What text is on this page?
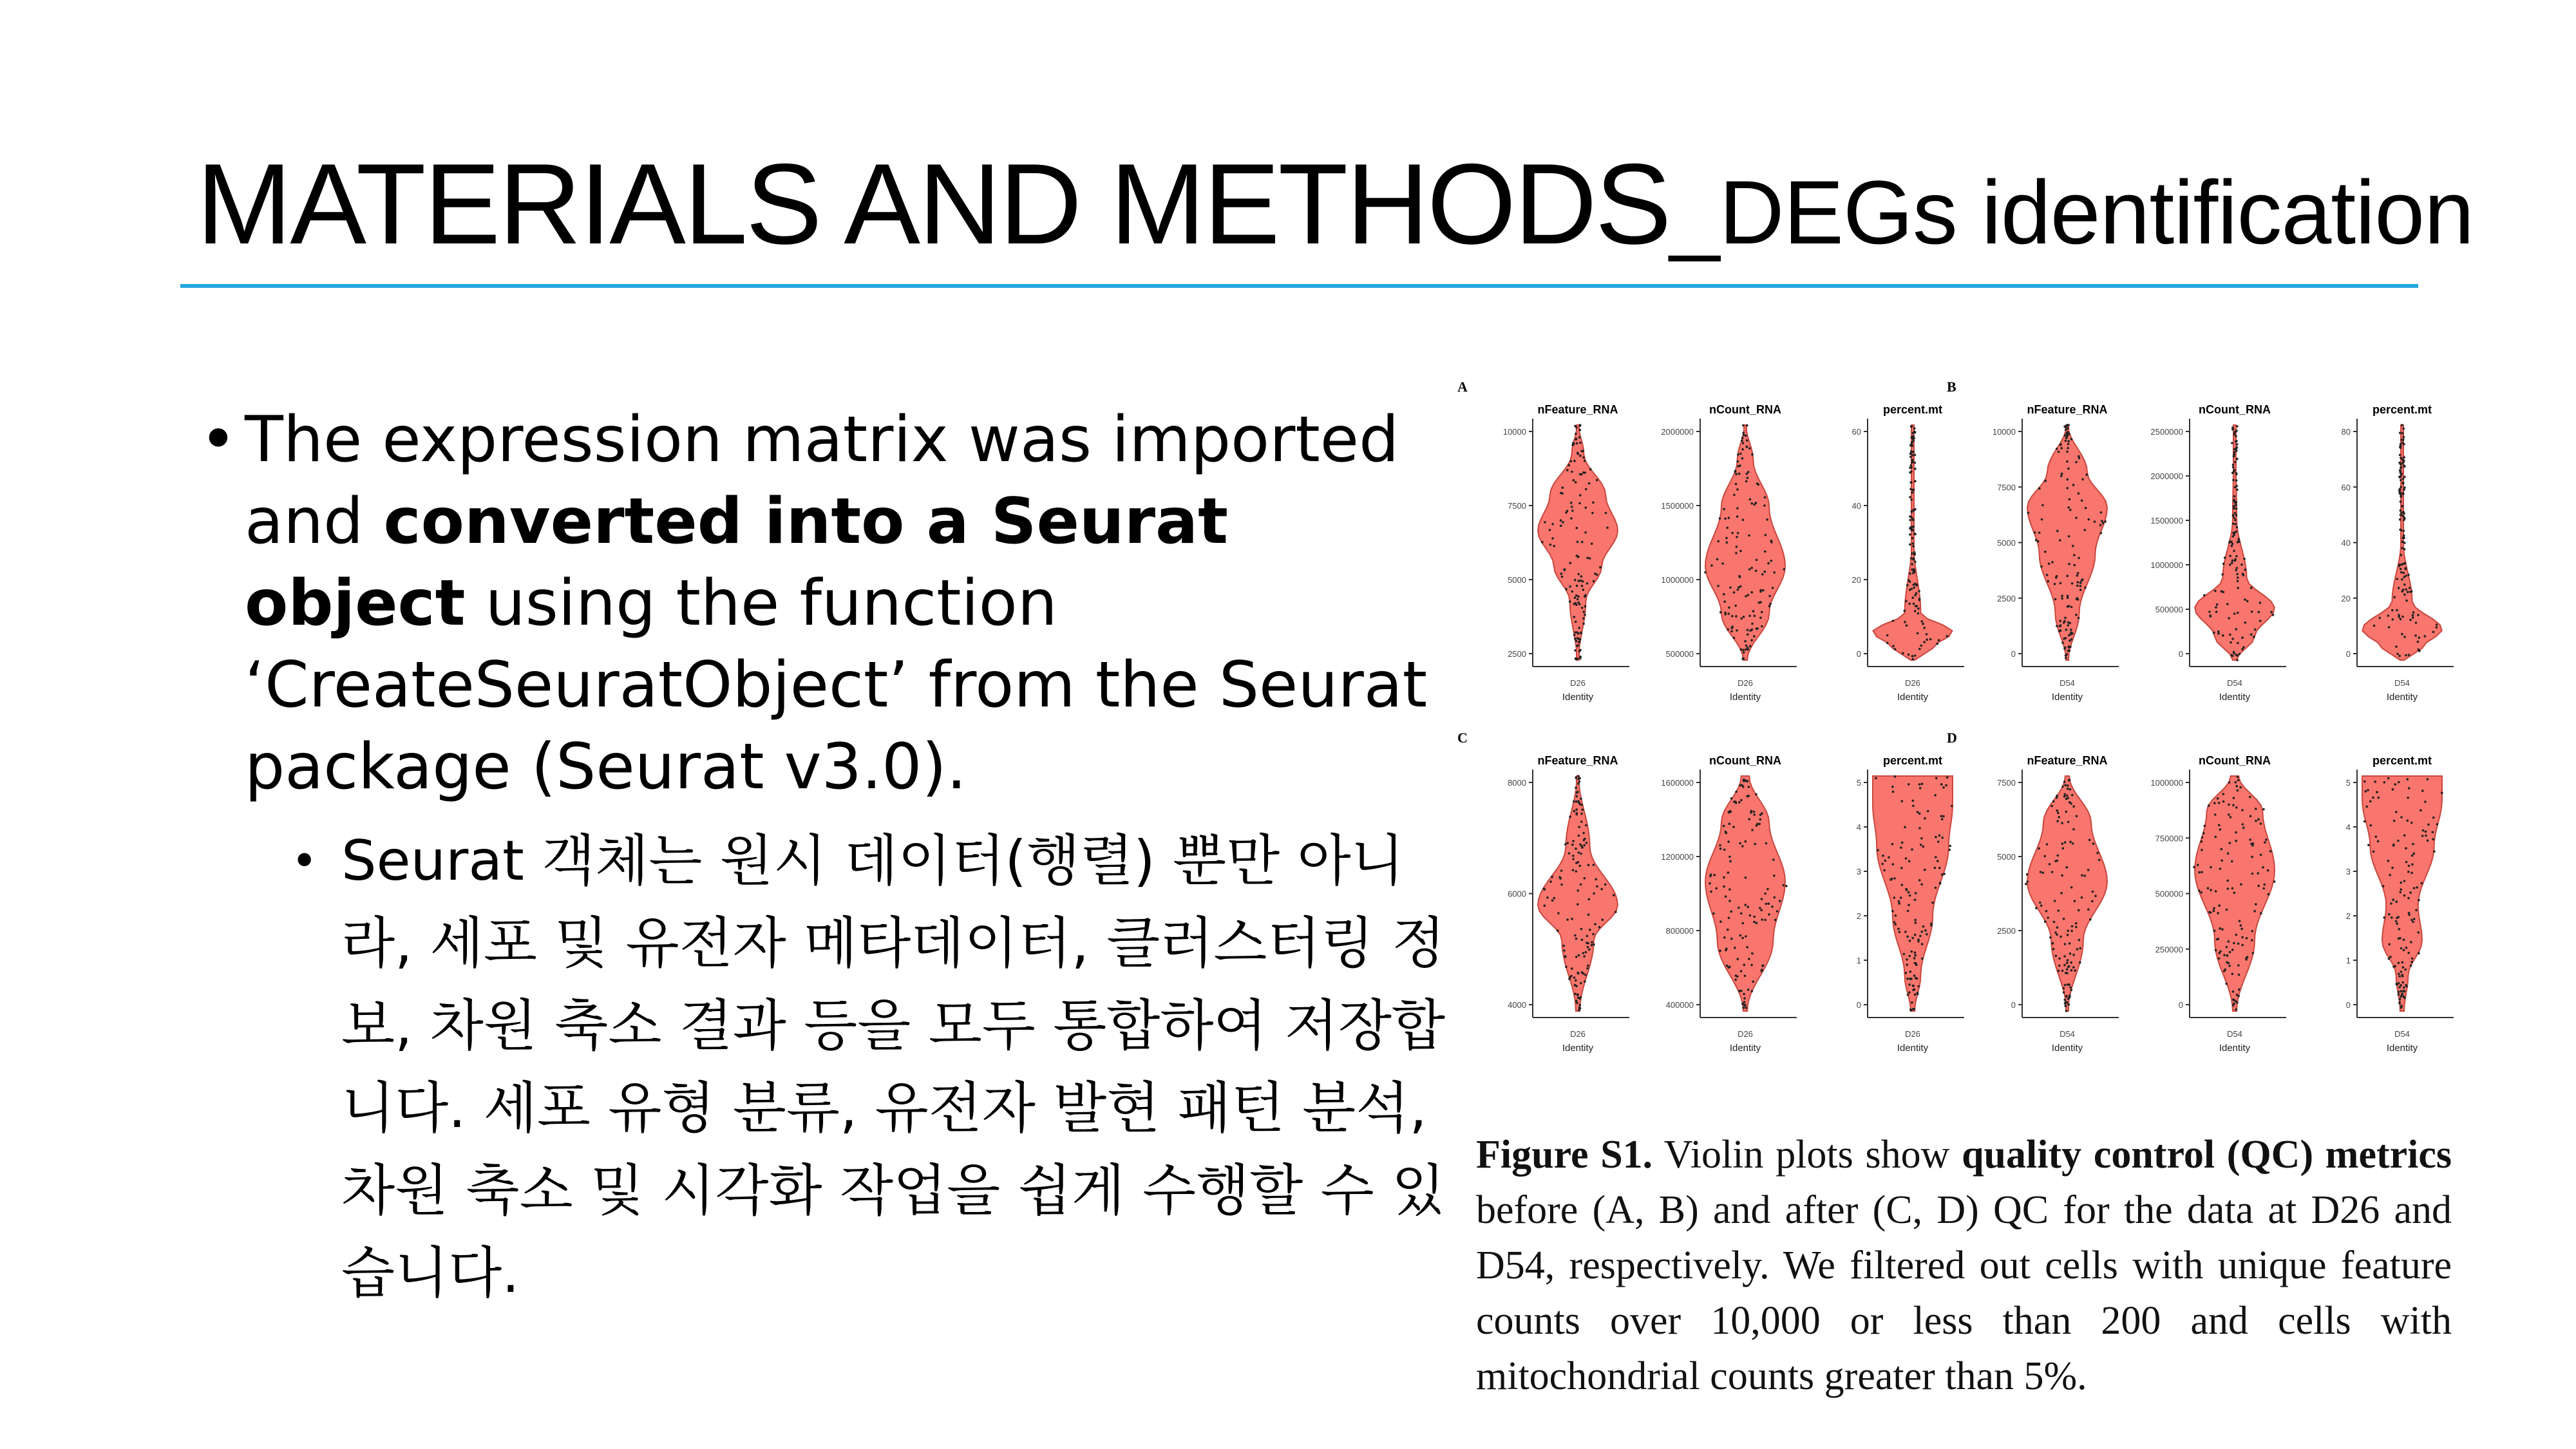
MATERIALS AND METHODS_DEGs identification
• The expression matrix was imported and converted into a Seurat object using the function ‘CreateSeuratObject’ from the Seurat package (Seurat v3.0).
• Seurat 객체는 원시 데이터(행렬) 뿐만 아니라, 세포 및 유전자 메타데이터, 클러스터링 정보, 차원 축소 결과 등을 모두 통합하여 저장합니다. 세포 유형 분류, 유전자 발현 패턴 분석, 차원 축소 및 시각화 작업을 쉽게 수행할 수 있습니다.
A
nFeature_RNA
10000
7500
5000
2500
D26
Identity
nCount_RNA
2000000
1500000
1000000
500000
D26
Identity
percent.mt
60
40
20
0
D26
Identity
B
nFeature_RNA
10000
7500
5000
2500
0
D54
Identity
nCount_RNA
2500000
2000000
1500000
1000000
500000
0
D54
Identity
percent.mt
80
60
40
20
0
D54
Identity
C
nFeature_RNA
8000
6000
4000
D26
Identity
nCount_RNA
1600000
1200000
800000
400000
D26
Identity
percent.mt
5
4
3
2
1
0
D26
Identity
D
nFeature_RNA
7500
5000
2500
0
D54
Identity
nCount_RNA
1000000
750000
500000
250000
0
D54
Identity
percent.mt
5
4
3
2
1
0
D54
Identity
Figure S1. Violin plots show quality control (QC) metrics before (A, B) and after (C, D) QC for the data at D26 and D54, respectively. We filtered out cells with unique feature counts over 10,000 or less than 200 and cells with mitochondrial counts greater than 5%.
